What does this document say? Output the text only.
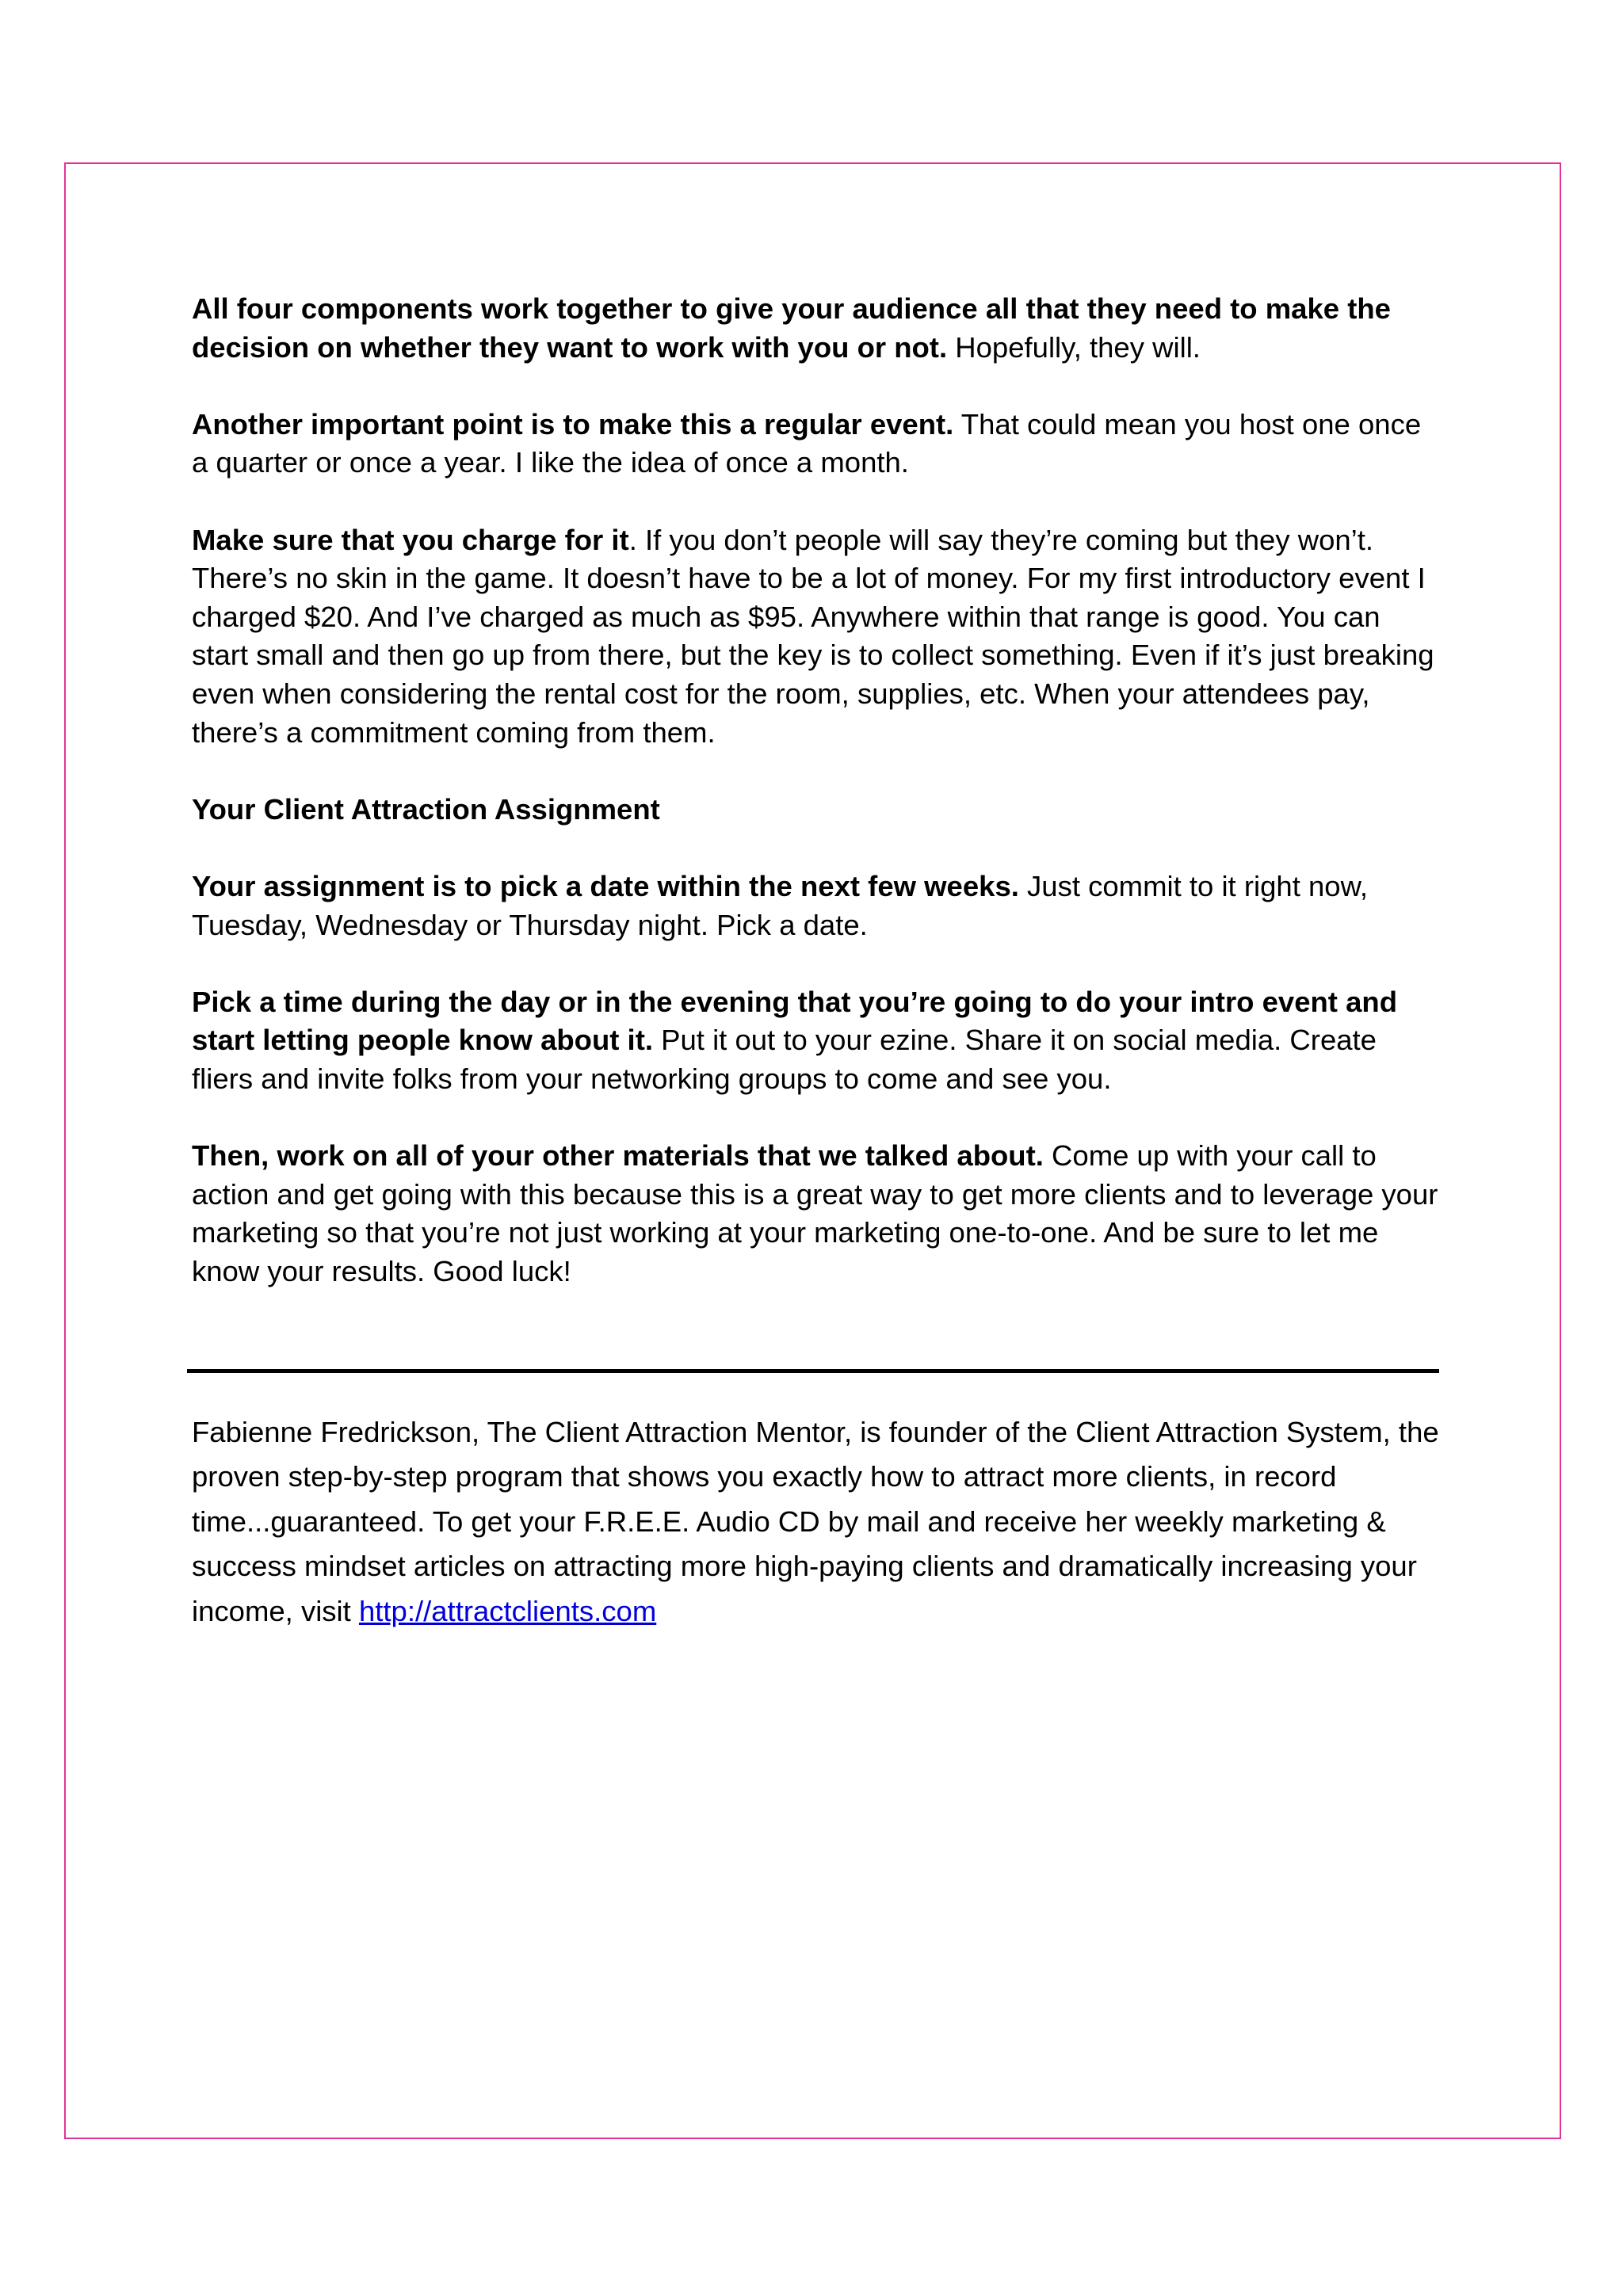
All four components work together to give your audience all that they need to make the decision on whether they want to work with you or not. Hopefully, they will.

Another important point is to make this a regular event. That could mean you host one once a quarter or once a year. I like the idea of once a month.

Make sure that you charge for it. If you don’t people will say they’re coming but they won’t. There’s no skin in the game. It doesn’t have to be a lot of money. For my first introductory event I charged $20. And I’ve charged as much as $95. Anywhere within that range is good. You can start small and then go up from there, but the key is to collect something. Even if it’s just breaking even when considering the rental cost for the room, supplies, etc. When your attendees pay, there’s a commitment coming from them.

Your Client Attraction Assignment

Your assignment is to pick a date within the next few weeks. Just commit to it right now, Tuesday, Wednesday or Thursday night. Pick a date.

Pick a time during the day or in the evening that you’re going to do your intro event and start letting people know about it. Put it out to your ezine. Share it on social media. Create fliers and invite folks from your networking groups to come and see you.

Then, work on all of your other materials that we talked about. Come up with your call to action and get going with this because this is a great way to get more clients and to leverage your marketing so that you’re not just working at your marketing one-to-one. And be sure to let me know your results. Good luck!

Fabienne Fredrickson, The Client Attraction Mentor, is founder of the Client Attraction System, the proven step-by-step program that shows you exactly how to attract more clients, in record time...guaranteed. To get your F.R.E.E. Audio CD by mail and receive her weekly marketing & success mindset articles on attracting more high-paying clients and dramatically increasing your income, visit http://attractclients.com
